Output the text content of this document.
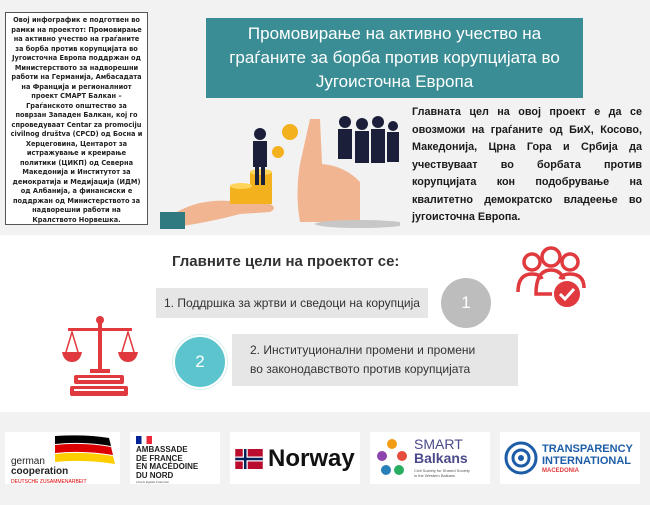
Овој инфографик е подготвен во рамки на проектот: Промовирање на активно учество на граѓаните за борба против корупцијата во Југоисточна Европа поддржан од Министерството за надворешни работи на Германија, Амбасадата на Франција и регионалниот проект СМАРТ Балкан – Граѓанското општество за поврзан Западен Балкан, кој го спроведуваат Centar za promociju civilnog društva (CPCD) од Босна и Херцеговина, Центарот за истражување и креирање политики (ЦИКП) од Северна Македонија и Институтот за демократија и Медијација (ИДМ) од Албанија, а финансиски е поддржан од Министерството за надворешни работи на Кралството Норвешка.
Промовирање на активно учество на граѓаните за борба против корупцијата во Југоисточна Европа
Главната цел на овој проект е да се овозможи на граѓаните од БиХ, Косово, Македонија, Црна Гора и Србија да учествуваат во борбата против корупцијата кон подобрување на квалитетно демократско владеење во југоисточна Европа.
Главните цели на проектот се:
1. Поддршка за жртви и сведоци на корупција 1
2
2. Институционални промени и промени
во законодавството против корупцијата
german
cooperation
DEUTSCHE ZUSAMMENARBEIT
AMBASSADE
DE FRANCE
EN MACÉDOINE
DU NORD
Liberté Égalité Fraternité
Norway
SMART
Balkans
Civil Society for Shared Society
in the Western Balkans
TRANSPARENCY
INTERNATIONAL
MACEDONIA
